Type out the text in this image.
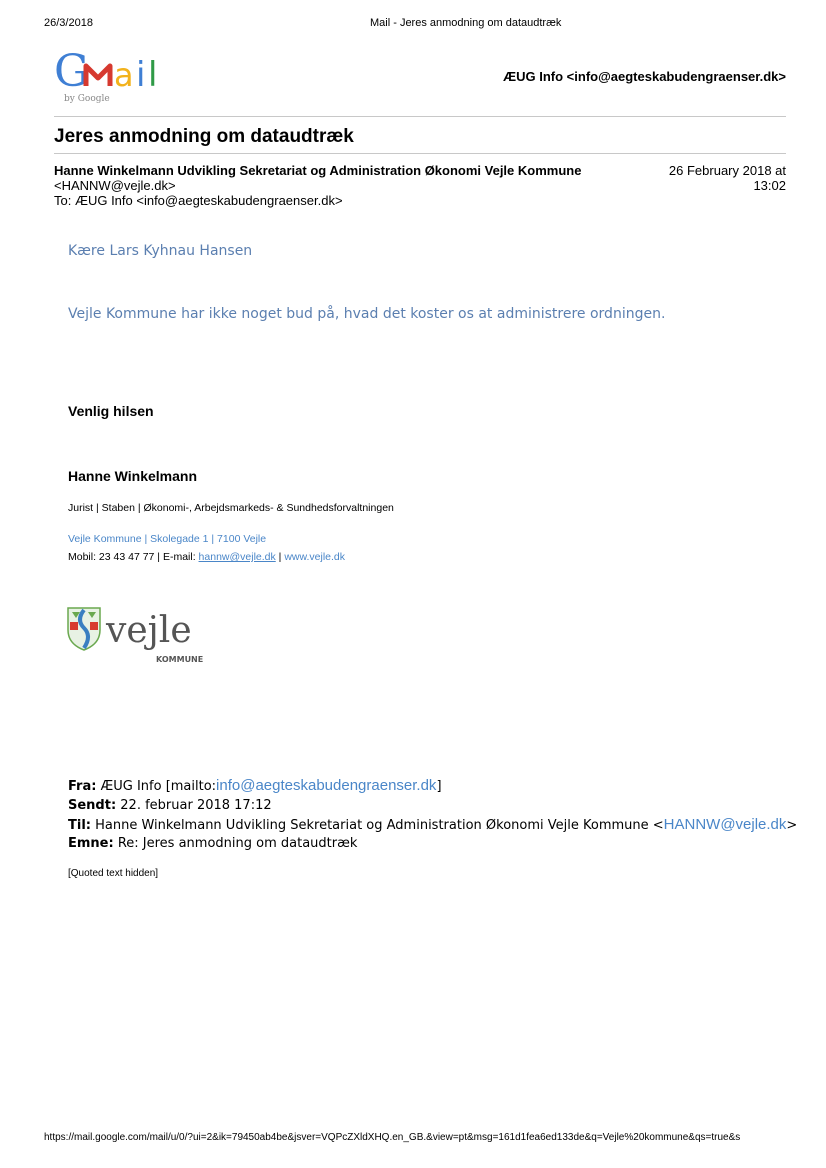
26/3/2018	Mail - Jeres anmodning om dataudtræk
G a i l
by Google
ÆUG Info <info@aegteskabudengraenser.dk>
Jeres anmodning om dataudtræk
Hanne Winkelmann Udvikling Sekretariat og Administration Økonomi Vejle Kommune
<HANNW@vejle.dk>
To: ÆUG Info <info@aegteskabudengraenser.dk>
26 February 2018 at
13:02
Kære Lars Kyhnau Hansen
Vejle Kommune har ikke noget bud på, hvad det koster os at administrere ordningen.
Venlig hilsen
Hanne Winkelmann
Jurist | Staben | Økonomi-, Arbejdsmarkeds- & Sundhedsforvaltningen
Vejle Kommune | Skolegade 1 | 7100 Vejle
Mobil: 23 43 47 77 | E-mail: hannw@vejle.dk | www.vejle.dk
vejle
KOMMUNE
Fra: ÆUG Info [mailto:info@aegteskabudengraenser.dk]
Sendt: 22. februar 2018 17:12
Til: Hanne Winkelmann Udvikling Sekretariat og Administration Økonomi Vejle Kommune <HANNW@vejle.dk>
Emne: Re: Jeres anmodning om dataudtræk
[Quoted text hidden]
https://mail.google.com/mail/u/0/?ui=2&ik=79450ab4be&jsver=VQPcZXldXHQ.en_GB.&view=pt&msg=161d1fea6ed133de&q=Vejle%20kommune&qs=true&s
